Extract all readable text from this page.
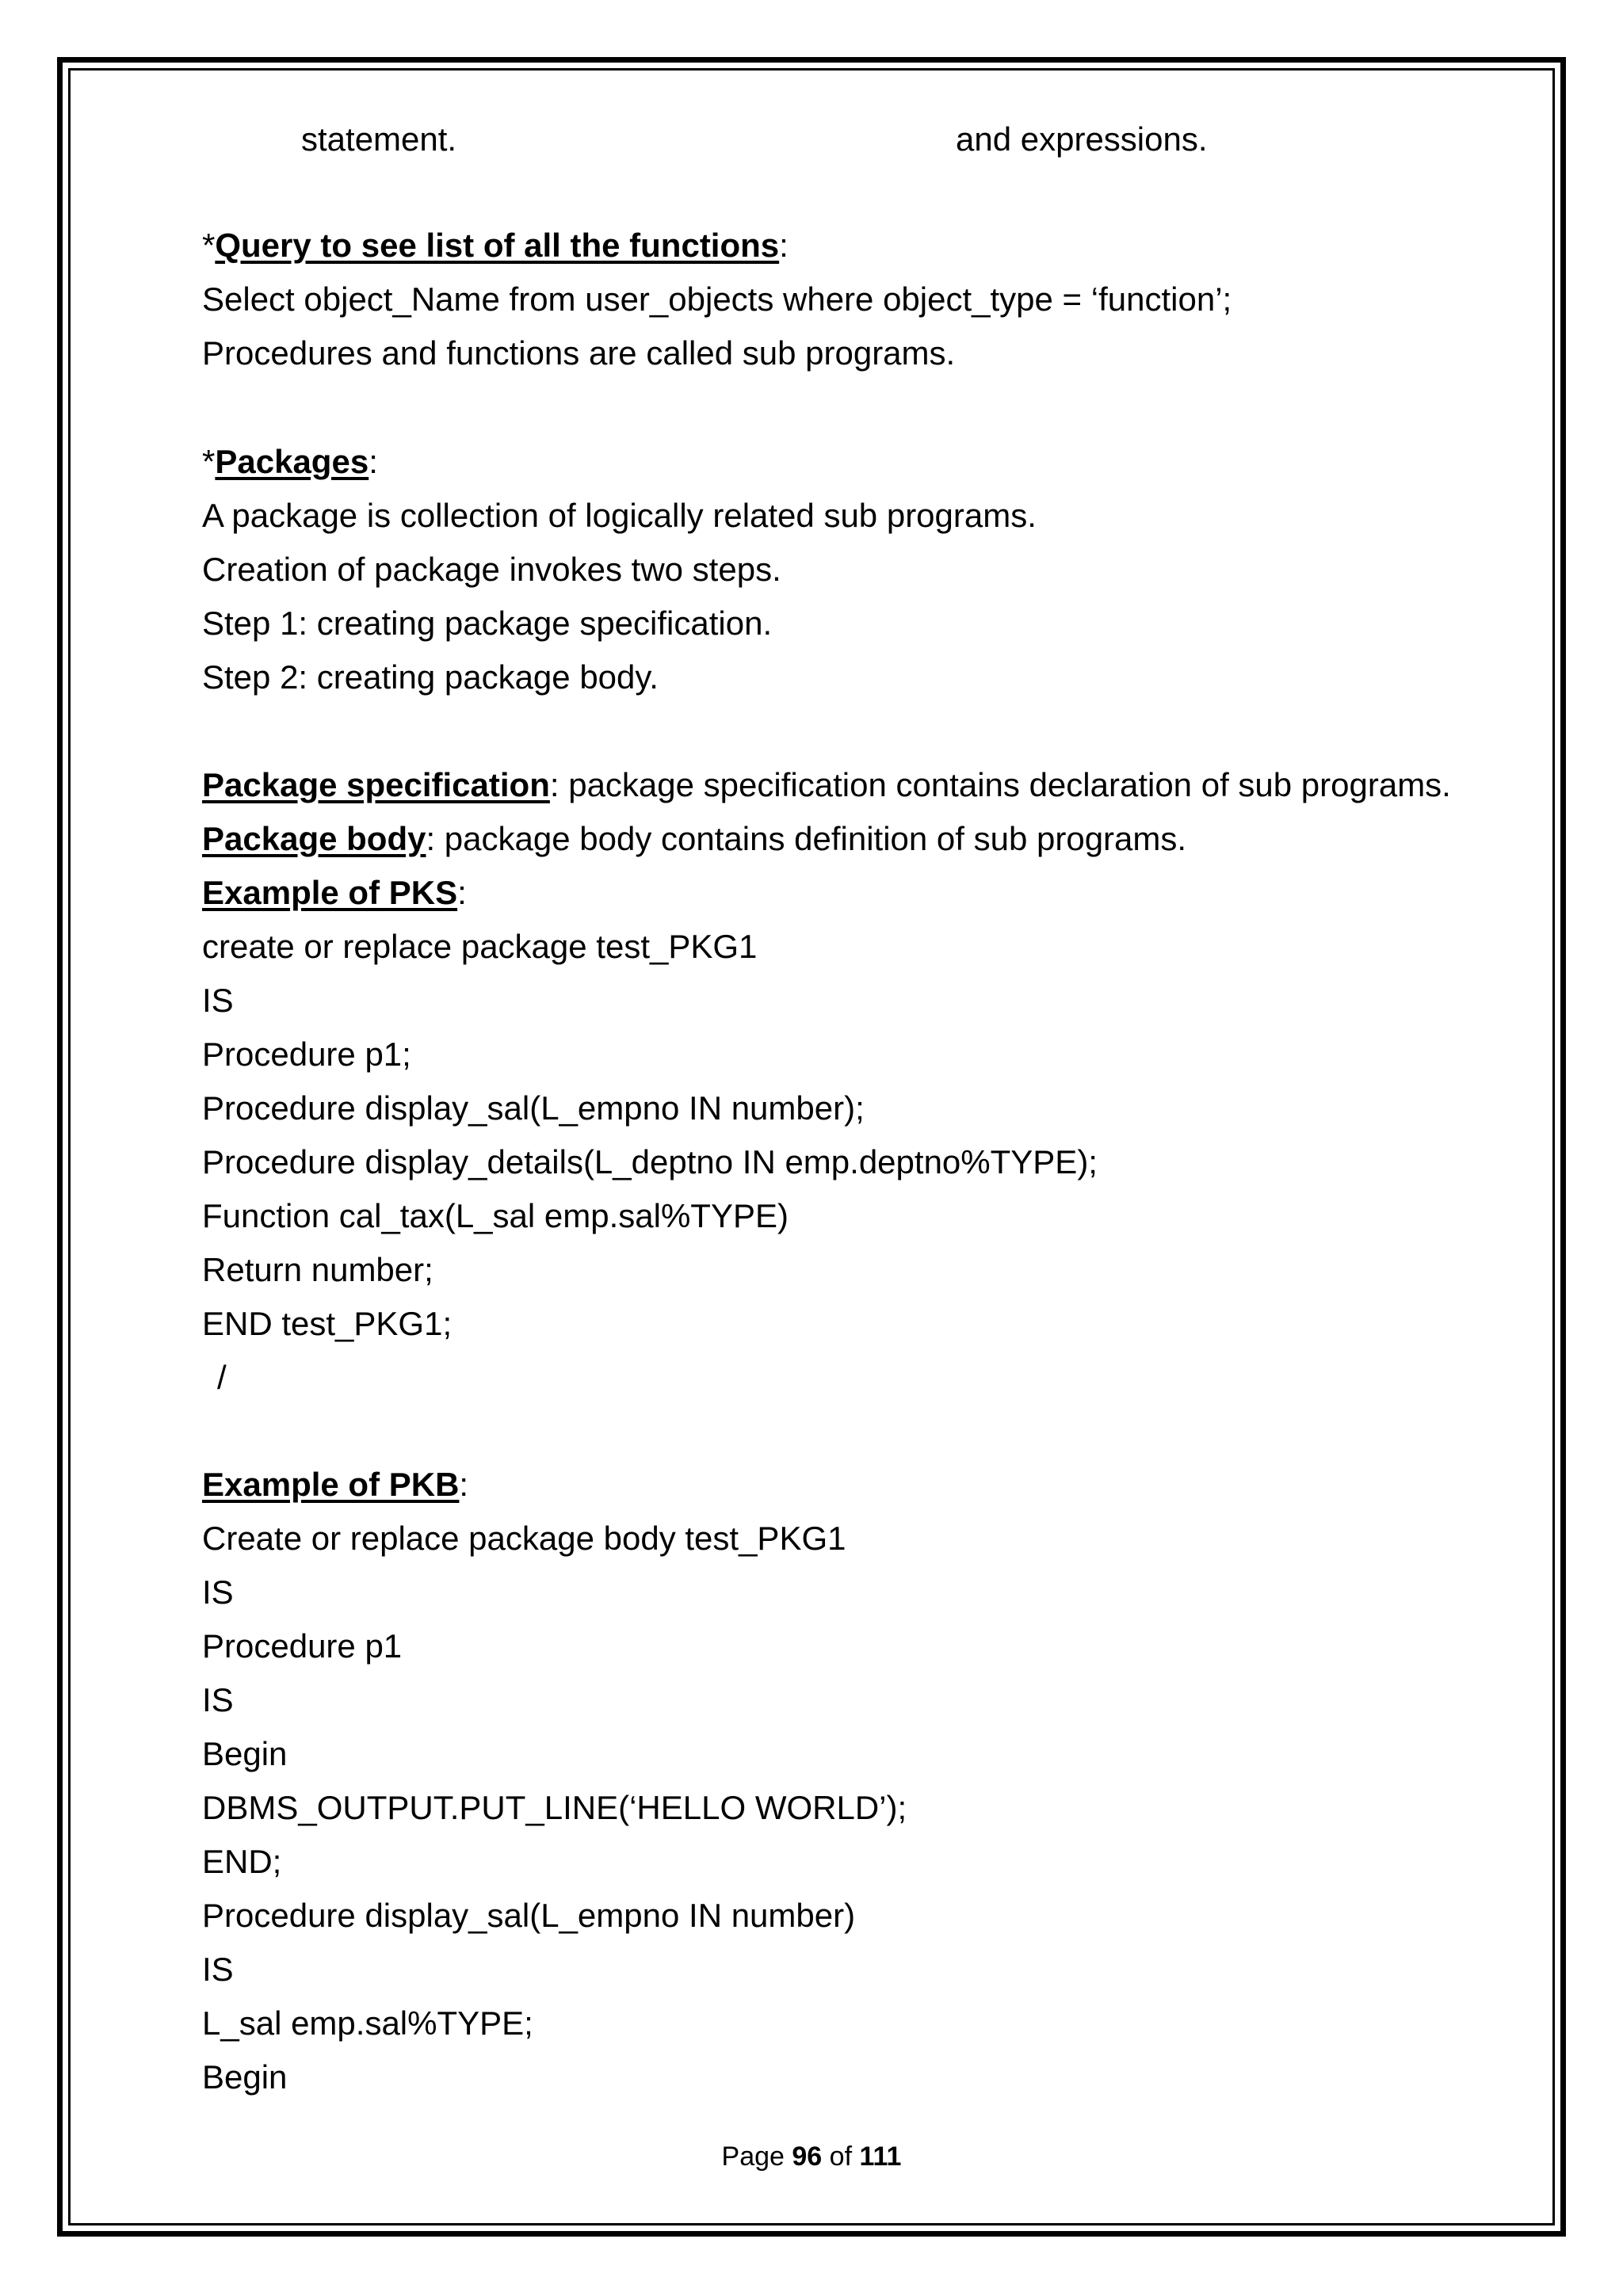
statement.	and expressions.
*Query to see list of all the functions:
Select object_Name from user_objects where object_type = ‘function’;
Procedures and functions are called sub programs.
*Packages:
A package is collection of logically related sub programs.
Creation of package invokes two steps.
Step 1: creating package specification.
Step 2: creating package body.
Package specification: package specification contains declaration of sub programs.
Package body: package body contains definition of sub programs.
Example of PKS:
create or replace package test_PKG1
IS
Procedure p1;
Procedure display_sal(L_empno IN number);
Procedure display_details(L_deptno IN emp.deptno%TYPE);
Function cal_tax(L_sal emp.sal%TYPE)
Return number;
END test_PKG1;
/
Example of PKB:
Create or replace package body test_PKG1
IS
Procedure p1
IS
Begin
DBMS_OUTPUT.PUT_LINE(‘HELLO WORLD’);
END;
Procedure display_sal(L_empno IN number)
IS
L_sal emp.sal%TYPE;
Begin
Page 96 of 111
